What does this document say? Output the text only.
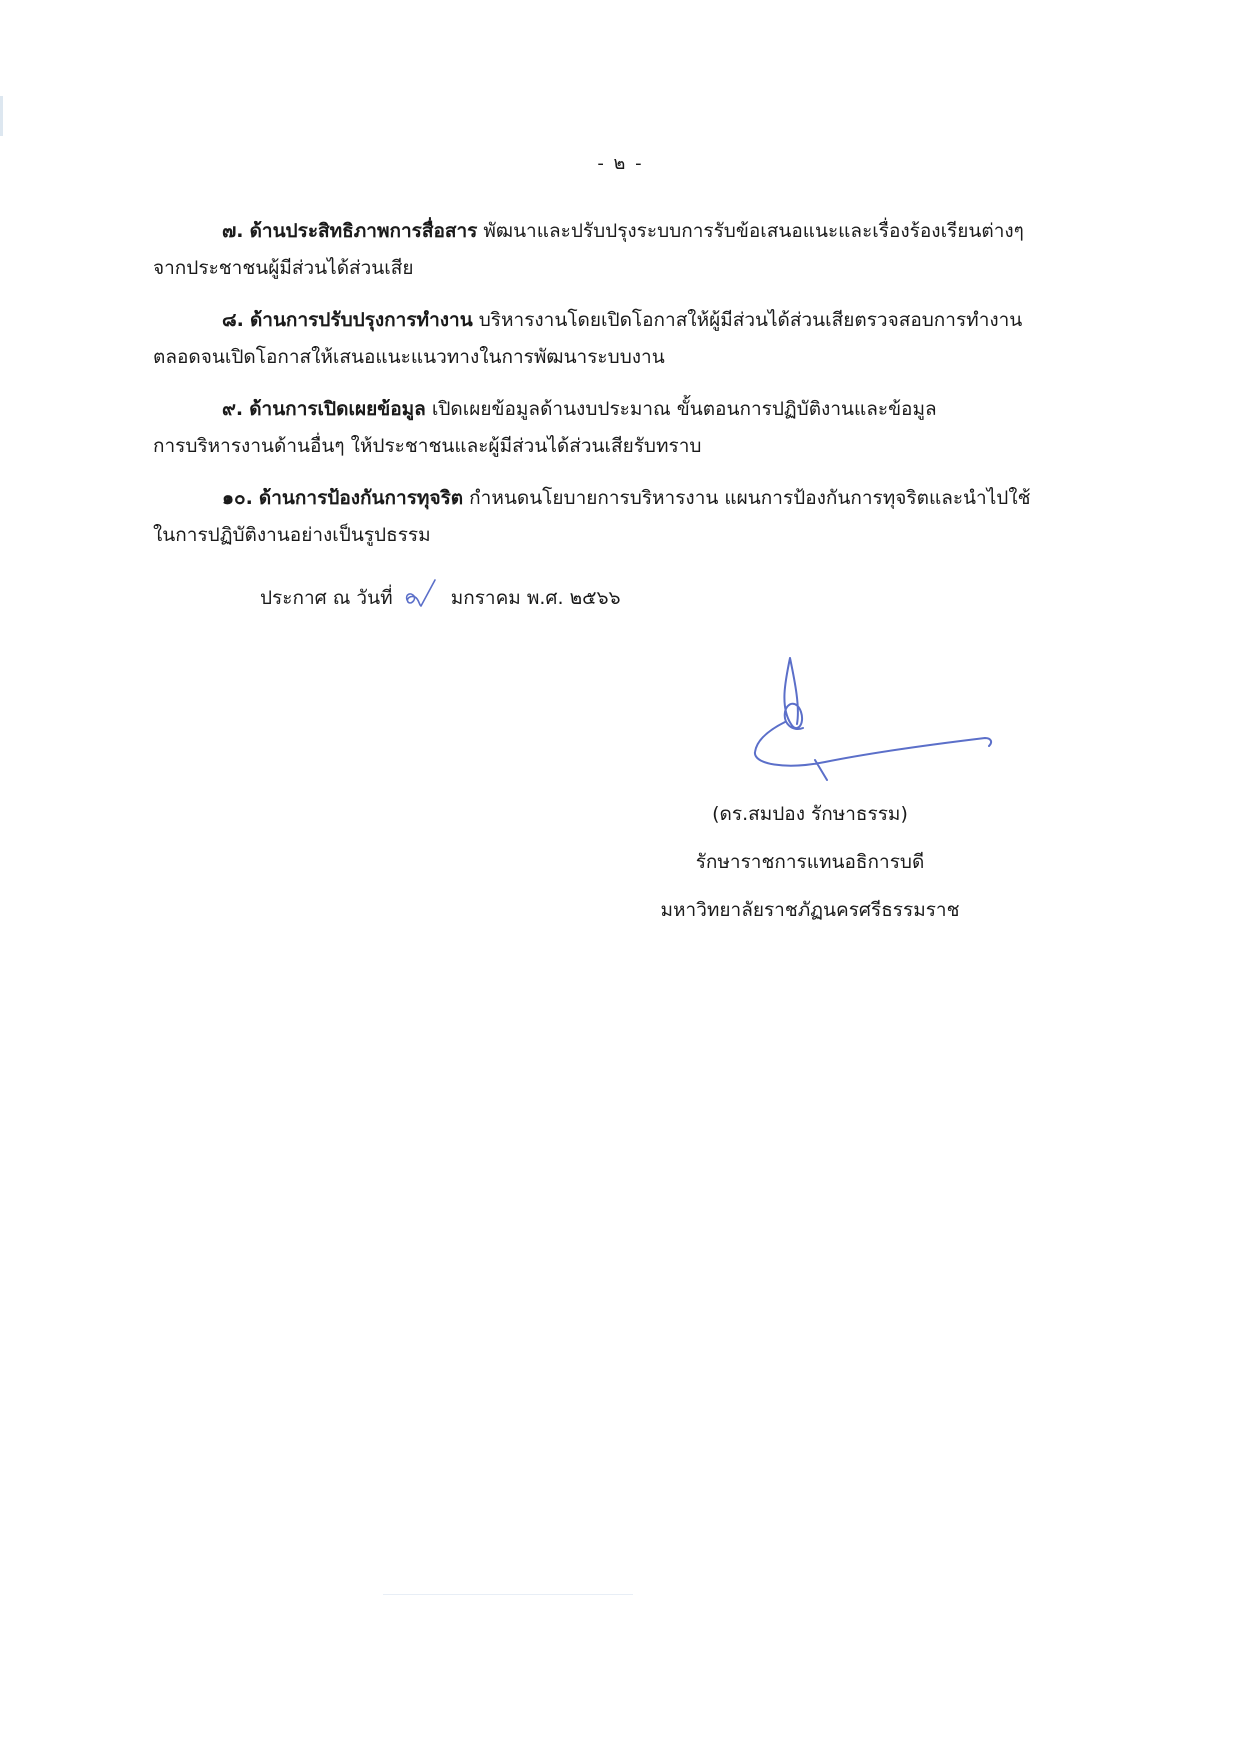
- ๒ -
๗. ด้านประสิทธิภาพการสื่อสาร พัฒนาและปรับปรุงระบบการรับข้อเสนอแนะและเรื่องร้องเรียนต่างๆ
จากประชาชนผู้มีส่วนได้ส่วนเสีย
๘. ด้านการปรับปรุงการทำงาน บริหารงานโดยเปิดโอกาสให้ผู้มีส่วนได้ส่วนเสียตรวจสอบการทำงาน
ตลอดจนเปิดโอกาสให้เสนอแนะแนวทางในการพัฒนาระบบงาน
๙. ด้านการเปิดเผยข้อมูล เปิดเผยข้อมูลด้านงบประมาณ ขั้นตอนการปฏิบัติงานและข้อมูล
การบริหารงานด้านอื่นๆ ให้ประชาชนและผู้มีส่วนได้ส่วนเสียรับทราบ
๑๐. ด้านการป้องกันการทุจริต กำหนดนโยบายการบริหารงาน แผนการป้องกันการทุจริตและนำไปใช้
ในการปฏิบัติงานอย่างเป็นรูปธรรม
ประกาศ ณ วันที่	มกราคม พ.ศ. ๒๕๖๖
(ดร.สมปอง รักษาธรรม)
รักษาราชการแทนอธิการบดี
มหาวิทยาลัยราชภัฏนครศรีธรรมราช
